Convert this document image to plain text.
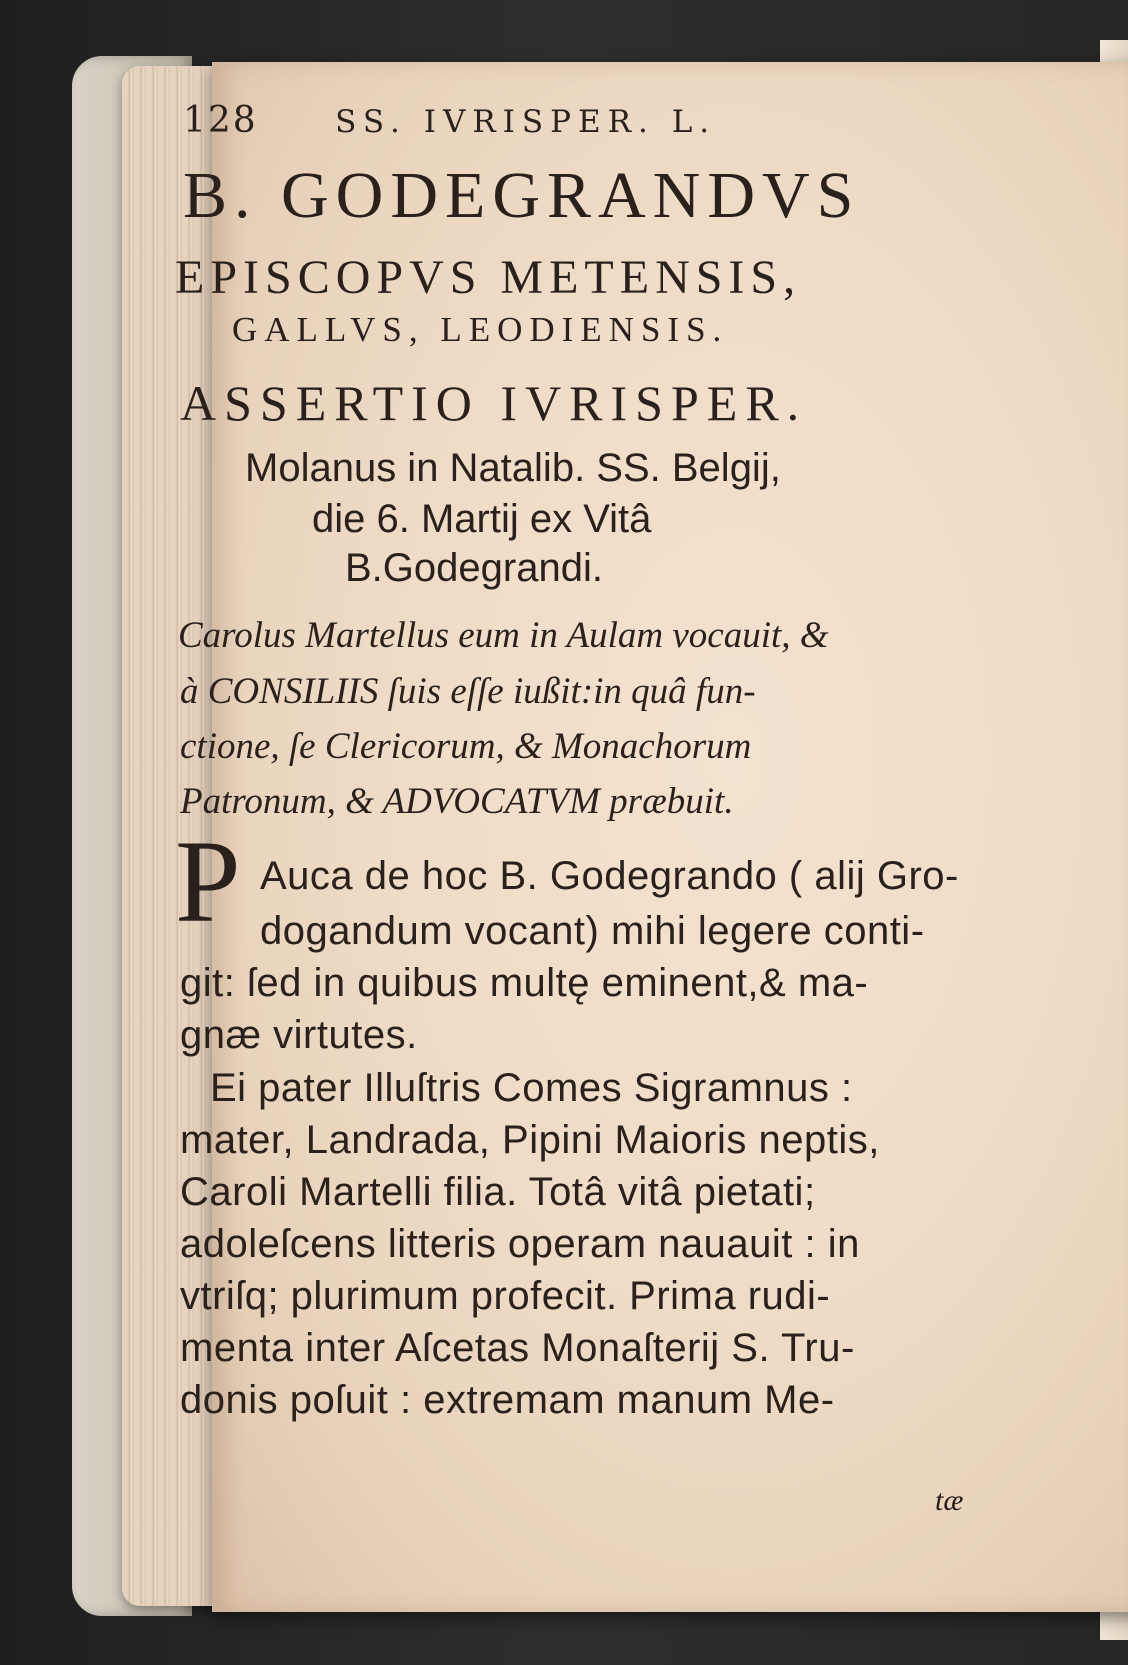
128 SS. IVRISPER. L.
B. GODEGRANDVS
EPISCOPVS METENSIS,
GALLVS, LEODIENSIS.
ASSERTIO IVRISPER.
Molanus in Natalib. SS. Belgij,
die 6. Martij ex Vitâ
B.Godegrandi.
Carolus Martellus eum in Aulam vocauit, &
à CONSILIIS ſuis eſſe iußit:in quâ fun-
ctione, ſe Clericorum, & Monachorum
Patronum, & ADVOCATVM præbuit.
P Auca de hoc B. Godegrando ( alij Gro-
dogandum vocant) mihi legere conti-
git: ſed in quibus multę eminent,& ma-
gnæ virtutes.
Ei pater Illuſtris Comes Sigramnus :
mater, Landrada, Pipini Maioris neptis,
Caroli Martelli filia. Totâ vitâ pietati;
adoleſcens litteris operam nauauit : in
vtriſq; plurimum profecit. Prima rudi-
menta inter Aſcetas Monaſterij S. Tru-
donis poſuit : extremam manum Me-
tæ
